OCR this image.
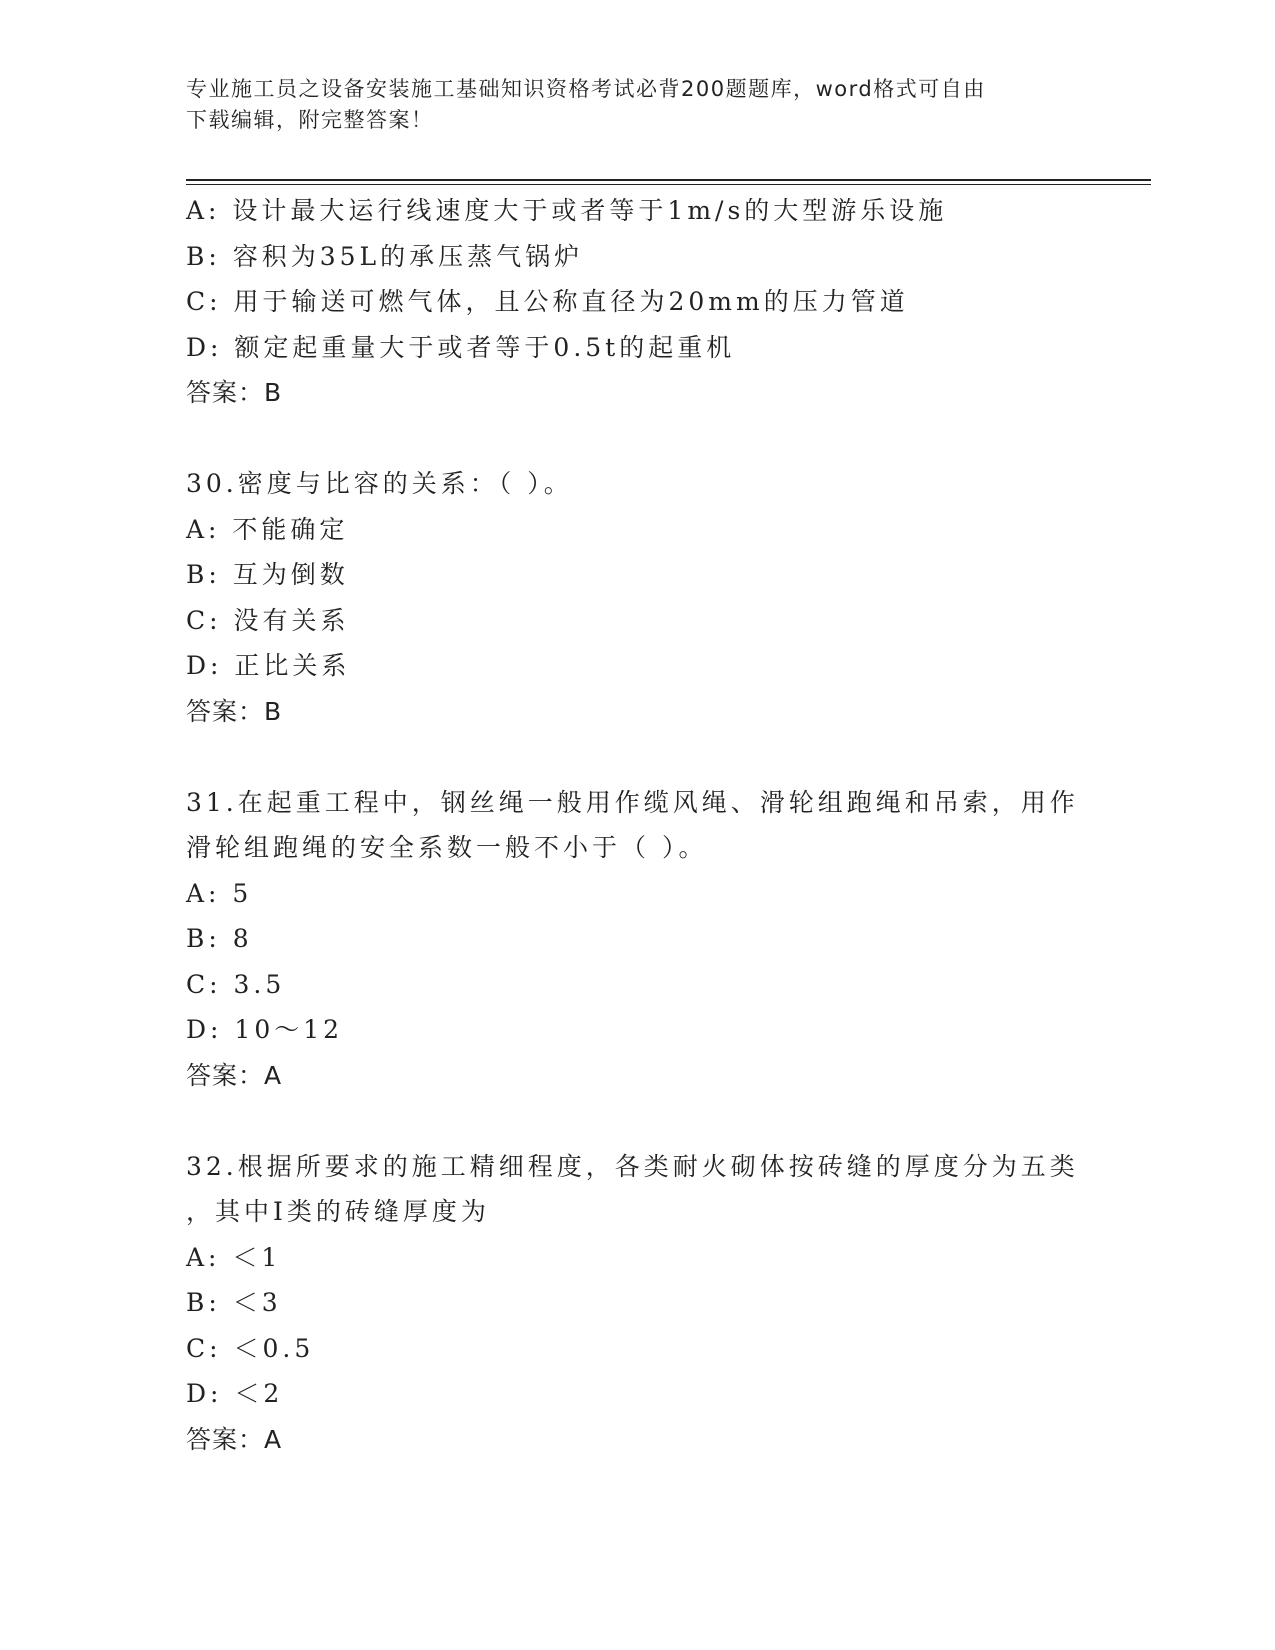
专业施工员之设备安装施工基础知识资格考试必背200题题库，word格式可自由
下载编辑，附完整答案！
A: 设计最大运行线速度大于或者等于1m/s的大型游乐设施
B: 容积为35L的承压蒸气锅炉
C: 用于输送可燃气体，且公称直径为20mm的压力管道
D: 额定起重量大于或者等于0.5t的起重机
答案：B
30.密度与比容的关系：（ ）。
A: 不能确定
B: 互为倒数
C: 没有关系
D: 正比关系
答案：B
31.在起重工程中，钢丝绳一般用作缆风绳、滑轮组跑绳和吊索，用作
滑轮组跑绳的安全系数一般不小于（ ）。
A: 5
B: 8
C: 3.5
D: 10～12
答案：A
32.根据所要求的施工精细程度，各类耐火砌体按砖缝的厚度分为五类
，其中Ⅰ类的砖缝厚度为
A: ＜1
B: ＜3
C: ＜0.5
D: ＜2
答案：A
